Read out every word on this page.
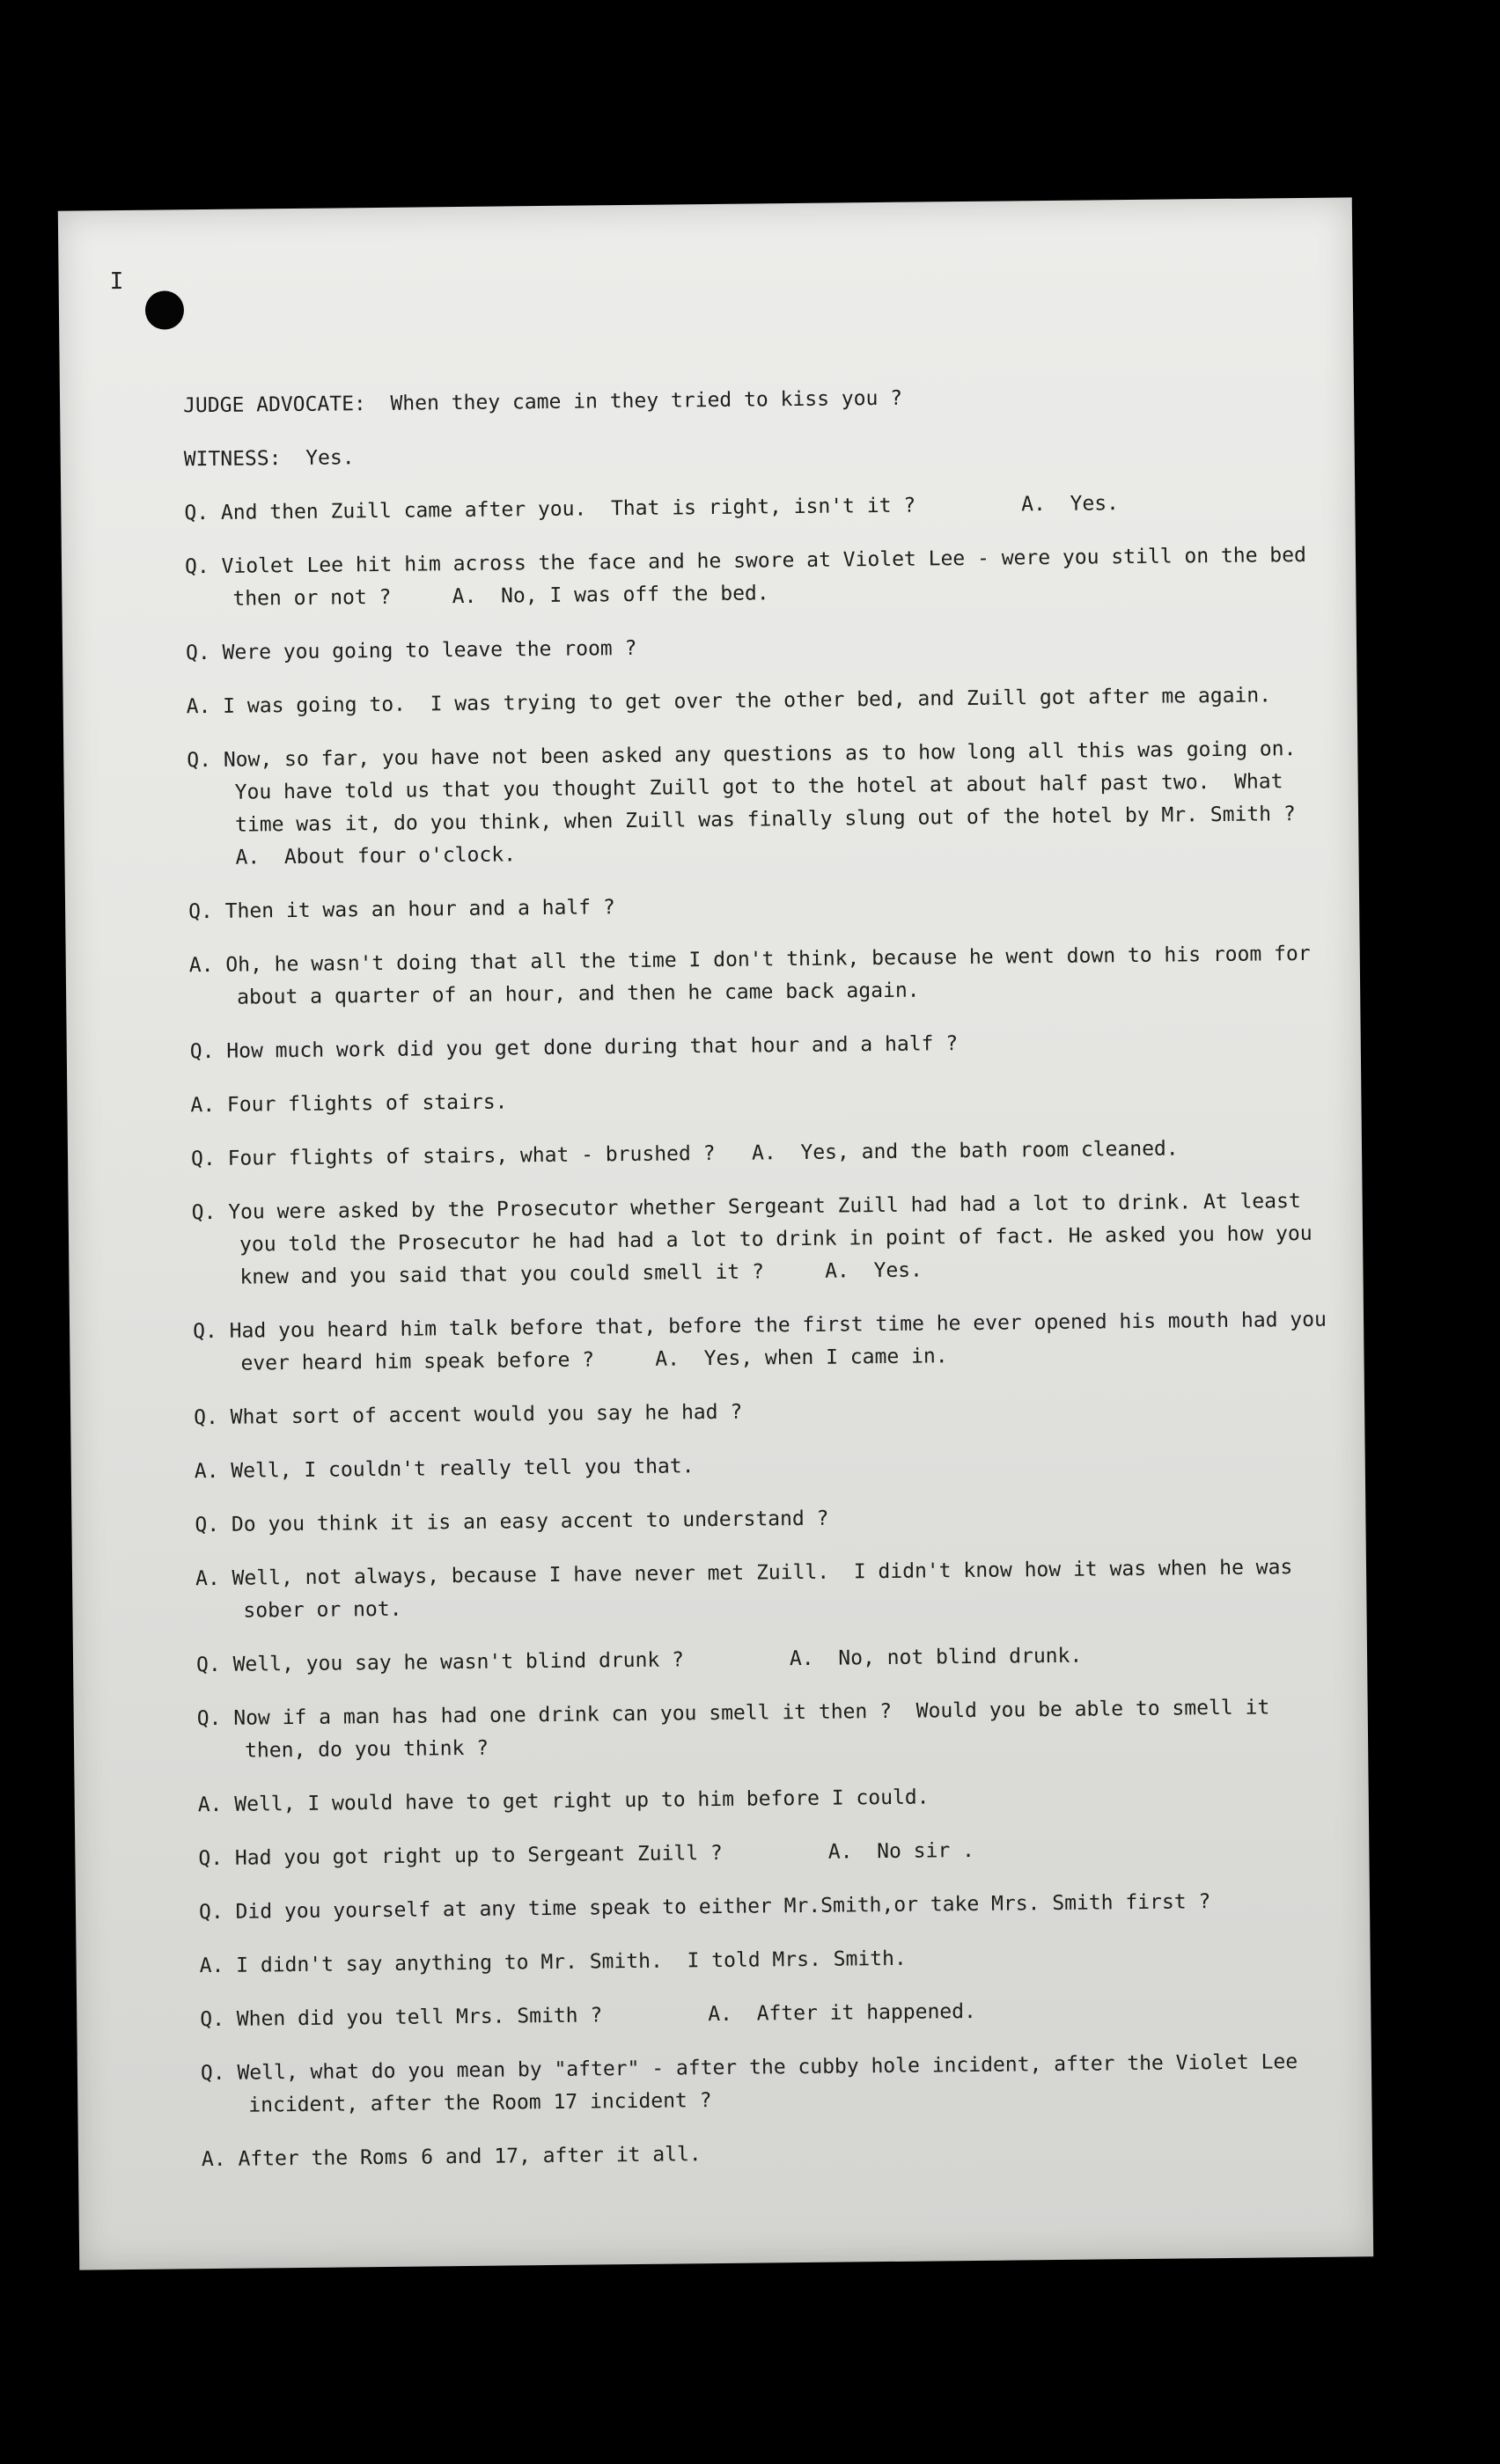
I

JUDGE ADVOCATE:  When they came in they tried to kiss you ?

WITNESS:  Yes.

Q. And then Zuill came after you.  That is right, isn't it ?	A.  Yes.

Q. Violet Lee hit him across the face and he swore at Violet Lee - were you still on the bed then or not ?	A.  No, I was off the bed.

Q. Were you going to leave the room ?

A. I was going to.  I was trying to get over the other bed, and Zuill got after me again.

Q. Now, so far, you have not been asked any questions as to how long all this was going on.  You have told us that you thought Zuill got to the hotel at about half past two.  What time was it, do you think, when Zuill was finally slung out of the hotel by Mr. Smith ?     A.  About four o'clock.

Q. Then it was an hour and a half ?

A. Oh, he wasn't doing that all the time I don't think, because he went down to his room for about a quarter of an hour, and then he came back again.

Q. How much work did you get done during that hour and a half ?

A. Four flights of stairs.

Q. Four flights of stairs, what - brushed ? A.  Yes, and the bath room cleaned.

Q. You were asked by the Prosecutor whether Sergeant Zuill had had a lot to drink. At least you told the Prosecutor he had had a lot to drink in point of fact. He asked you how you knew and you said that you could smell it ?	A.  Yes.

Q. Had you heard him talk before that, before the first time he ever opened his mouth had you ever heard him speak before ?	A.  Yes, when I came in.

Q. What sort of accent would you say he had ?

A. Well, I couldn't really tell you that.

Q. Do you think it is an easy accent to understand ?

A. Well, not always, because I have never met Zuill.  I didn't know how it was when he was sober or not.

Q. Well, you say he wasn't blind drunk ?	A.  No, not blind drunk.

Q. Now if a man has had one drink can you smell it then ?  Would you be able to smell it then, do you think ?

A. Well, I would have to get right up to him before I could.

Q. Had you got right up to Sergeant Zuill ?	A.  No sir .

Q. Did you yourself at any time speak to either Mr.Smith,or take Mrs. Smith first ?

A. I didn't say anything to Mr. Smith.  I told Mrs. Smith.

Q. When did you tell Mrs. Smith ?	A.  After it happened.

Q. Well, what do you mean by "after" - after the cubby hole incident, after the Violet Lee incident, after the Room 17 incident ?

A. After the Roms 6 and 17, after it all.
